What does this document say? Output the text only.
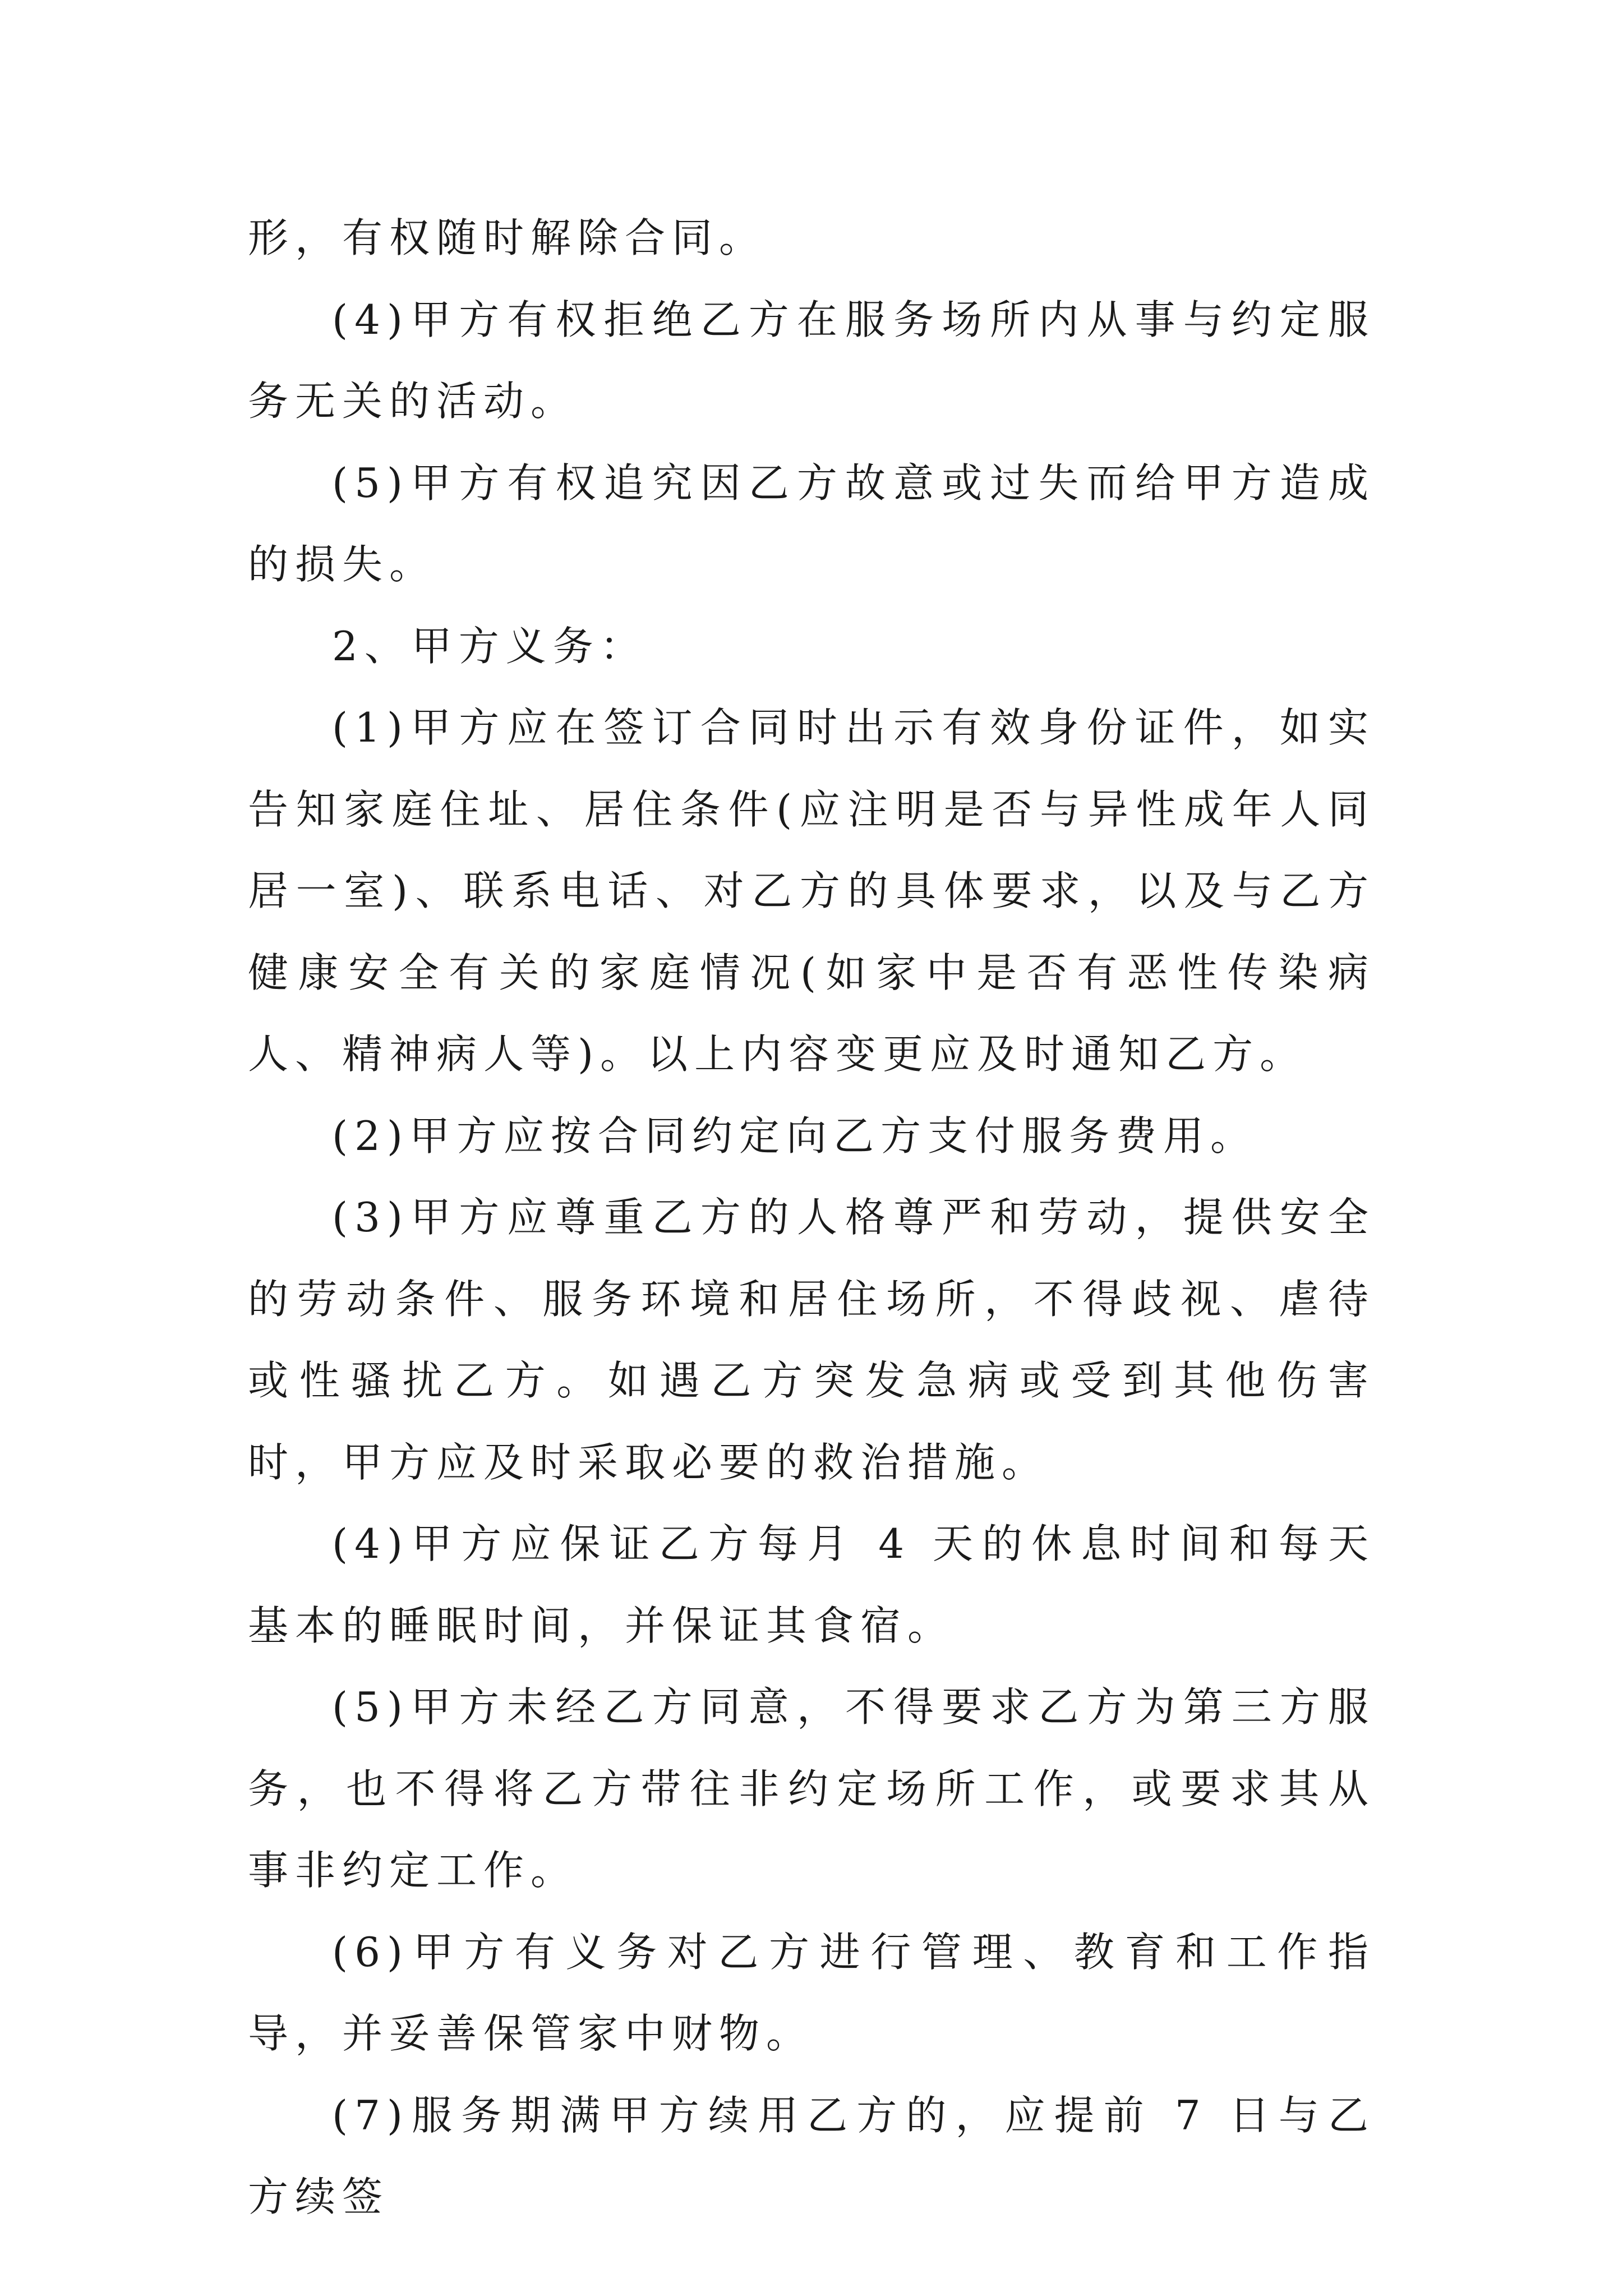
形，有权随时解除合同。

(4)甲方有权拒绝乙方在服务场所内从事与约定服务无关的活动。

(5)甲方有权追究因乙方故意或过失而给甲方造成的损失。

2、甲方义务：

(1)甲方应在签订合同时出示有效身份证件，如实告知家庭住址、居住条件(应注明是否与异性成年人同居一室)、联系电话、对乙方的具体要求，以及与乙方健康安全有关的家庭情况(如家中是否有恶性传染病人、精神病人等)。以上内容变更应及时通知乙方。

(2)甲方应按合同约定向乙方支付服务费用。

(3)甲方应尊重乙方的人格尊严和劳动，提供安全的劳动条件、服务环境和居住场所，不得歧视、虐待或性骚扰乙方。如遇乙方突发急病或受到其他伤害时，甲方应及时采取必要的救治措施。

(4)甲方应保证乙方每月 4 天的休息时间和每天基本的睡眠时间，并保证其食宿。

(5)甲方未经乙方同意，不得要求乙方为第三方服务，也不得将乙方带往非约定场所工作，或要求其从事非约定工作。

(6)甲方有义务对乙方进行管理、教育和工作指导，并妥善保管家中财物。

(7)服务期满甲方续用乙方的，应提前 7 日与乙方续签
